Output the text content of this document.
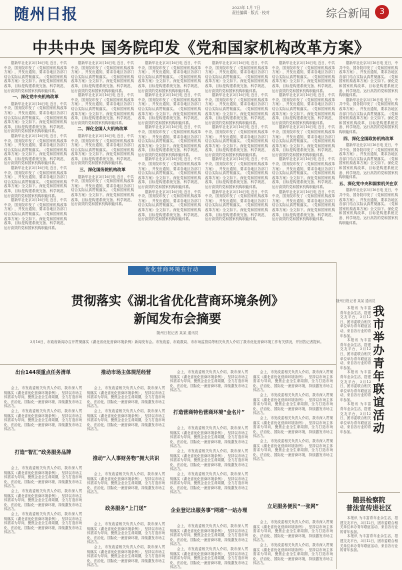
随州日报	2023年 1月 7日
责任编辑 · 版式 · 校对	综合新闻	3
中共中央 国务院印发《党和国家机构改革方案》
据新华社北京3月16日电 近日，中共中央、国务院印发了《党和国家机构改革方案》，并发出通知，要求各地区各部门结合实际认真贯彻落实。《党和国家机构改革方案》全文如下。深化党和国家机构改革，目标是构建系统完备、科学规范、运行高效的党和国家机构职能体系。
一、深化党中央机构改革
据新华社北京3月16日电 近日，中共中央、国务院印发了《党和国家机构改革方案》，并发出通知，要求各地区各部门结合实际认真贯彻落实。《党和国家机构改革方案》全文如下。深化党和国家机构改革，目标是构建系统完备、科学规范、运行高效的党和国家机构职能体系。
据新华社北京3月16日电 近日，中共中央、国务院印发了《党和国家机构改革方案》，并发出通知，要求各地区各部门结合实际认真贯彻落实。《党和国家机构改革方案》全文如下。深化党和国家机构改革，目标是构建系统完备、科学规范、运行高效的党和国家机构职能体系。
据新华社北京3月16日电 近日，中共中央、国务院印发了《党和国家机构改革方案》，并发出通知，要求各地区各部门结合实际认真贯彻落实。《党和国家机构改革方案》全文如下。深化党和国家机构改革，目标是构建系统完备、科学规范、运行高效的党和国家机构职能体系。
据新华社北京3月16日电 近日，中共中央、国务院印发了《党和国家机构改革方案》，并发出通知，要求各地区各部门结合实际认真贯彻落实。《党和国家机构改革方案》全文如下。深化党和国家机构改革，目标是构建系统完备、科学规范、运行高效的党和国家机构职能体系。
据新华社北京3月16日电 近日，中共中央、国务院印发了《党和国家机构改革方案》，并发出通知，要求各地区各部门结合实际认真贯彻落实。《党和国家机构改革方案》全文如下。深化党和国家机构改革，目标是构建系统完备、科学规范、运行高效的党和国家机构职能体系。
据新华社北京3月16日电 近日，中共中央、国务院印发了《党和国家机构改革方案》，并发出通知，要求各地区各部门结合实际认真贯彻落实。《党和国家机构改革方案》全文如下。深化党和国家机构改革，目标是构建系统完备、科学规范、运行高效的党和国家机构职能体系。
二、深化全国人大机构改革
据新华社北京3月16日电 近日，中共中央、国务院印发了《党和国家机构改革方案》，并发出通知，要求各地区各部门结合实际认真贯彻落实。《党和国家机构改革方案》全文如下。深化党和国家机构改革，目标是构建系统完备、科学规范、运行高效的党和国家机构职能体系。
三、深化国务院机构改革
据新华社北京3月16日电 近日，中共中央、国务院印发了《党和国家机构改革方案》，并发出通知，要求各地区各部门结合实际认真贯彻落实。《党和国家机构改革方案》全文如下。深化党和国家机构改革，目标是构建系统完备、科学规范、运行高效的党和国家机构职能体系。
据新华社北京3月16日电 近日，中共中央、国务院印发了《党和国家机构改革方案》，并发出通知，要求各地区各部门结合实际认真贯彻落实。《党和国家机构改革方案》全文如下。深化党和国家机构改革，目标是构建系统完备、科学规范、运行高效的党和国家机构职能体系。
据新华社北京3月16日电 近日，中共中央、国务院印发了《党和国家机构改革方案》，并发出通知，要求各地区各部门结合实际认真贯彻落实。《党和国家机构改革方案》全文如下。深化党和国家机构改革，目标是构建系统完备、科学规范、运行高效的党和国家机构职能体系。
据新华社北京3月16日电 近日，中共中央、国务院印发了《党和国家机构改革方案》，并发出通知，要求各地区各部门结合实际认真贯彻落实。《党和国家机构改革方案》全文如下。深化党和国家机构改革，目标是构建系统完备、科学规范、运行高效的党和国家机构职能体系。
据新华社北京3月16日电 近日，中共中央、国务院印发了《党和国家机构改革方案》，并发出通知，要求各地区各部门结合实际认真贯彻落实。《党和国家机构改革方案》全文如下。深化党和国家机构改革，目标是构建系统完备、科学规范、运行高效的党和国家机构职能体系。
据新华社北京3月16日电 近日，中共中央、国务院印发了《党和国家机构改革方案》，并发出通知，要求各地区各部门结合实际认真贯彻落实。《党和国家机构改革方案》全文如下。深化党和国家机构改革，目标是构建系统完备、科学规范、运行高效的党和国家机构职能体系。
据新华社北京3月16日电 近日，中共中央、国务院印发了《党和国家机构改革方案》，并发出通知，要求各地区各部门结合实际认真贯彻落实。《党和国家机构改革方案》全文如下。深化党和国家机构改革，目标是构建系统完备、科学规范、运行高效的党和国家机构职能体系。
据新华社北京3月16日电 近日，中共中央、国务院印发了《党和国家机构改革方案》，并发出通知，要求各地区各部门结合实际认真贯彻落实。《党和国家机构改革方案》全文如下。深化党和国家机构改革，目标是构建系统完备、科学规范、运行高效的党和国家机构职能体系。
据新华社北京3月16日电 近日，中共中央、国务院印发了《党和国家机构改革方案》，并发出通知，要求各地区各部门结合实际认真贯彻落实。《党和国家机构改革方案》全文如下。深化党和国家机构改革，目标是构建系统完备、科学规范、运行高效的党和国家机构职能体系。
据新华社北京3月16日电 近日，中共中央、国务院印发了《党和国家机构改革方案》，并发出通知，要求各地区各部门结合实际认真贯彻落实。《党和国家机构改革方案》全文如下。深化党和国家机构改革，目标是构建系统完备、科学规范、运行高效的党和国家机构职能体系。
据新华社北京3月16日电 近日，中共中央、国务院印发了《党和国家机构改革方案》，并发出通知，要求各地区各部门结合实际认真贯彻落实。《党和国家机构改革方案》全文如下。深化党和国家机构改革，目标是构建系统完备、科学规范、运行高效的党和国家机构职能体系。
据新华社北京3月16日电 近日，中共中央、国务院印发了《党和国家机构改革方案》，并发出通知，要求各地区各部门结合实际认真贯彻落实。《党和国家机构改革方案》全文如下。深化党和国家机构改革，目标是构建系统完备、科学规范、运行高效的党和国家机构职能体系。
据新华社北京3月16日电 近日，中共中央、国务院印发了《党和国家机构改革方案》，并发出通知，要求各地区各部门结合实际认真贯彻落实。《党和国家机构改革方案》全文如下。深化党和国家机构改革，目标是构建系统完备、科学规范、运行高效的党和国家机构职能体系。
据新华社北京3月16日电 近日，中共中央、国务院印发了《党和国家机构改革方案》，并发出通知，要求各地区各部门结合实际认真贯彻落实。《党和国家机构改革方案》全文如下。深化党和国家机构改革，目标是构建系统完备、科学规范、运行高效的党和国家机构职能体系。
据新华社北京3月16日电 近日，中共中央、国务院印发了《党和国家机构改革方案》，并发出通知，要求各地区各部门结合实际认真贯彻落实。《党和国家机构改革方案》全文如下。深化党和国家机构改革，目标是构建系统完备、科学规范、运行高效的党和国家机构职能体系。
据新华社北京3月16日电 近日，中共中央、国务院印发了《党和国家机构改革方案》，并发出通知，要求各地区各部门结合实际认真贯彻落实。《党和国家机构改革方案》全文如下。深化党和国家机构改革，目标是构建系统完备、科学规范、运行高效的党和国家机构职能体系。
据新华社北京3月16日电 近日，中共中央、国务院印发了《党和国家机构改革方案》，并发出通知，要求各地区各部门结合实际认真贯彻落实。《党和国家机构改革方案》全文如下。深化党和国家机构改革，目标是构建系统完备、科学规范、运行高效的党和国家机构职能体系。
据新华社北京3月16日电 近日，中共中央、国务院印发了《党和国家机构改革方案》，并发出通知，要求各地区各部门结合实际认真贯彻落实。《党和国家机构改革方案》全文如下。深化党和国家机构改革，目标是构建系统完备、科学规范、运行高效的党和国家机构职能体系。
四、深化全国政协机构改革
据新华社北京3月16日电 近日，中共中央、国务院印发了《党和国家机构改革方案》，并发出通知，要求各地区各部门结合实际认真贯彻落实。《党和国家机构改革方案》全文如下。深化党和国家机构改革，目标是构建系统完备、科学规范、运行高效的党和国家机构职能体系。
五、深化党中央和国家机关在京
据新华社北京3月16日电 近日，中共中央、国务院印发了《党和国家机构改革方案》，并发出通知，要求各地区各部门结合实际认真贯彻落实。《党和国家机构改革方案》全文如下。深化党和国家机构改革，目标是构建系统完备、科学规范、运行高效的党和国家机构职能体系。
优化营商环境在行动
贯彻落实《湖北省优化营商环境条例》
新闻发布会摘要
随州日报记者 某某 通讯员
3月16日，市政府新闻办召开贯彻落实《湖北省优化营商环境条例》新闻发布会。市发改委、市政数局、市市场监管局等相关负责人介绍了我市优化营商环境工作有关情况，并回答记者提问。
出台144项重点任务清单
会上，市发改委相关负责人介绍，我市深入贯彻落实《湖北省优化营商环境条例》，坚持以市场主体需求为导向，聚焦企业全生命周期，全力打造市场化、法治化、国际化一流营商环境，持续激发市场主体活力。
会上，市发改委相关负责人介绍，我市深入贯彻落实《湖北省优化营商环境条例》，坚持以市场主体需求为导向，聚焦企业全生命周期，全力打造市场化、法治化、国际化一流营商环境，持续激发市场主体活力。
打造“智汇”政务服务品牌
会上，市发改委相关负责人介绍，我市深入贯彻落实《湖北省优化营商环境条例》，坚持以市场主体需求为导向，聚焦企业全生命周期，全力打造市场化、法治化、国际化一流营商环境，持续激发市场主体活力。
会上，市发改委相关负责人介绍，我市深入贯彻落实《湖北省优化营商环境条例》，坚持以市场主体需求为导向，聚焦企业全生命周期，全力打造市场化、法治化、国际化一流营商环境，持续激发市场主体活力。
会上，市发改委相关负责人介绍，我市深入贯彻落实《湖北省优化营商环境条例》，坚持以市场主体需求为导向，聚焦企业全生命周期，全力打造市场化、法治化、国际化一流营商环境，持续激发市场主体活力。
推动市场主体规范经营
会上，市发改委相关负责人介绍，我市深入贯彻落实《湖北省优化营商环境条例》，坚持以市场主体需求为导向，聚焦企业全生命周期，全力打造市场化、法治化、国际化一流营商环境，持续激发市场主体活力。
会上，市发改委相关负责人介绍，我市深入贯彻落实《湖北省优化营商环境条例》，坚持以市场主体需求为导向，聚焦企业全生命周期，全力打造市场化、法治化、国际化一流营商环境，持续激发市场主体活力。
推动“入人事财务物”拥大共识
会上，市发改委相关负责人介绍，我市深入贯彻落实《湖北省优化营商环境条例》，坚持以市场主体需求为导向，聚焦企业全生命周期，全力打造市场化、法治化、国际化一流营商环境，持续激发市场主体活力。
政务服务“上门送”
会上，市发改委相关负责人介绍，我市深入贯彻落实《湖北省优化营商环境条例》，坚持以市场主体需求为导向，聚焦企业全生命周期，全力打造市场化、法治化、国际化一流营商环境，持续激发市场主体活力。
会上，市发改委相关负责人介绍，我市深入贯彻落实《湖北省优化营商环境条例》，坚持以市场主体需求为导向，聚焦企业全生命周期，全力打造市场化、法治化、国际化一流营商环境，持续激发市场主体活力。
会上，市发改委相关负责人介绍，我市深入贯彻落实《湖北省优化营商环境条例》，坚持以市场主体需求为导向，聚焦企业全生命周期，全力打造市场化、法治化、国际化一流营商环境，持续激发市场主体活力。
打造营商特色营商环境“金名片”
会上，市发改委相关负责人介绍，我市深入贯彻落实《湖北省优化营商环境条例》，坚持以市场主体需求为导向，聚焦企业全生命周期，全力打造市场化、法治化、国际化一流营商环境，持续激发市场主体活力。
会上，市发改委相关负责人介绍，我市深入贯彻落实《湖北省优化营商环境条例》，坚持以市场主体需求为导向，聚焦企业全生命周期，全力打造市场化、法治化、国际化一流营商环境，持续激发市场主体活力。
会上，市发改委相关负责人介绍，我市深入贯彻落实《湖北省优化营商环境条例》，坚持以市场主体需求为导向，聚焦企业全生命周期，全力打造市场化、法治化、国际化一流营商环境，持续激发市场主体活力。
企业登记出服务事“网通”一站办理
会上，市发改委相关负责人介绍，我市深入贯彻落实《湖北省优化营商环境条例》，坚持以市场主体需求为导向，聚焦企业全生命周期，全力打造市场化、法治化、国际化一流营商环境，持续激发市场主体活力。
会上，市发改委相关负责人介绍，我市深入贯彻落实《湖北省优化营商环境条例》，坚持以市场主体需求为导向，聚焦企业全生命周期，全力打造市场化、法治化、国际化一流营商环境，持续激发市场主体活力。
会上，市发改委相关负责人介绍，我市深入贯彻落实《湖北省优化营商环境条例》，坚持以市场主体需求为导向，聚焦企业全生命周期，全力打造市场化、法治化、国际化一流营商环境，持续激发市场主体活力。
会上，市发改委相关负责人介绍，我市深入贯彻落实《湖北省优化营商环境条例》，坚持以市场主体需求为导向，聚焦企业全生命周期，全力打造市场化、法治化、国际化一流营商环境，持续激发市场主体活力。
会上，市发改委相关负责人介绍，我市深入贯彻落实《湖北省优化营商环境条例》，坚持以市场主体需求为导向，聚焦企业全生命周期，全力打造市场化、法治化、国际化一流营商环境，持续激发市场主体活力。
会上，市发改委相关负责人介绍，我市深入贯彻落实《湖北省优化营商环境条例》，坚持以市场主体需求为导向，聚焦企业全生命周期，全力打造市场化、法治化、国际化一流营商环境，持续激发市场主体活力。
立足服务便民“一张网”
会上，市发改委相关负责人介绍，我市深入贯彻落实《湖北省优化营商环境条例》，坚持以市场主体需求为导向，聚焦企业全生命周期，全力打造市场化、法治化、国际化一流营商环境，持续激发市场主体活力。
会上，市发改委相关负责人介绍，我市深入贯彻落实《湖北省优化营商环境条例》，坚持以市场主体需求为导向，聚焦企业全生命周期，全力打造市场化、法治化、国际化一流营商环境，持续激发市场主体活力。
随州日报记者 某某 通讯员
本报讯 为丰富青年业余生活，搭建交友平台，3月12日，团市委联合相关单位举办青年联谊活动，来自各行业的青年参加。
本报讯 为丰富青年业余生活，搭建交友平台，3月12日，团市委联合相关单位举办青年联谊活动，来自各行业的青年参加。
本报讯 为丰富青年业余生活，搭建交友平台，3月12日，团市委联合相关单位举办青年联谊活动，来自各行业的青年参加。
本报讯 为丰富青年业余生活，搭建交友平台，3月12日，团市委联合相关单位举办青年联谊活动，来自各行业的青年参加。
我市举办青年联谊活动
随县检察院
普法宣传进社区
本报讯 为丰富青年业余生活，搭建交友平台，3月12日，团市委联合相关单位举办青年联谊活动，来自各行业的青年参加。
本报讯 为丰富青年业余生活，搭建交友平台，3月12日，团市委联合相关单位举办青年联谊活动，来自各行业的青年参加。
